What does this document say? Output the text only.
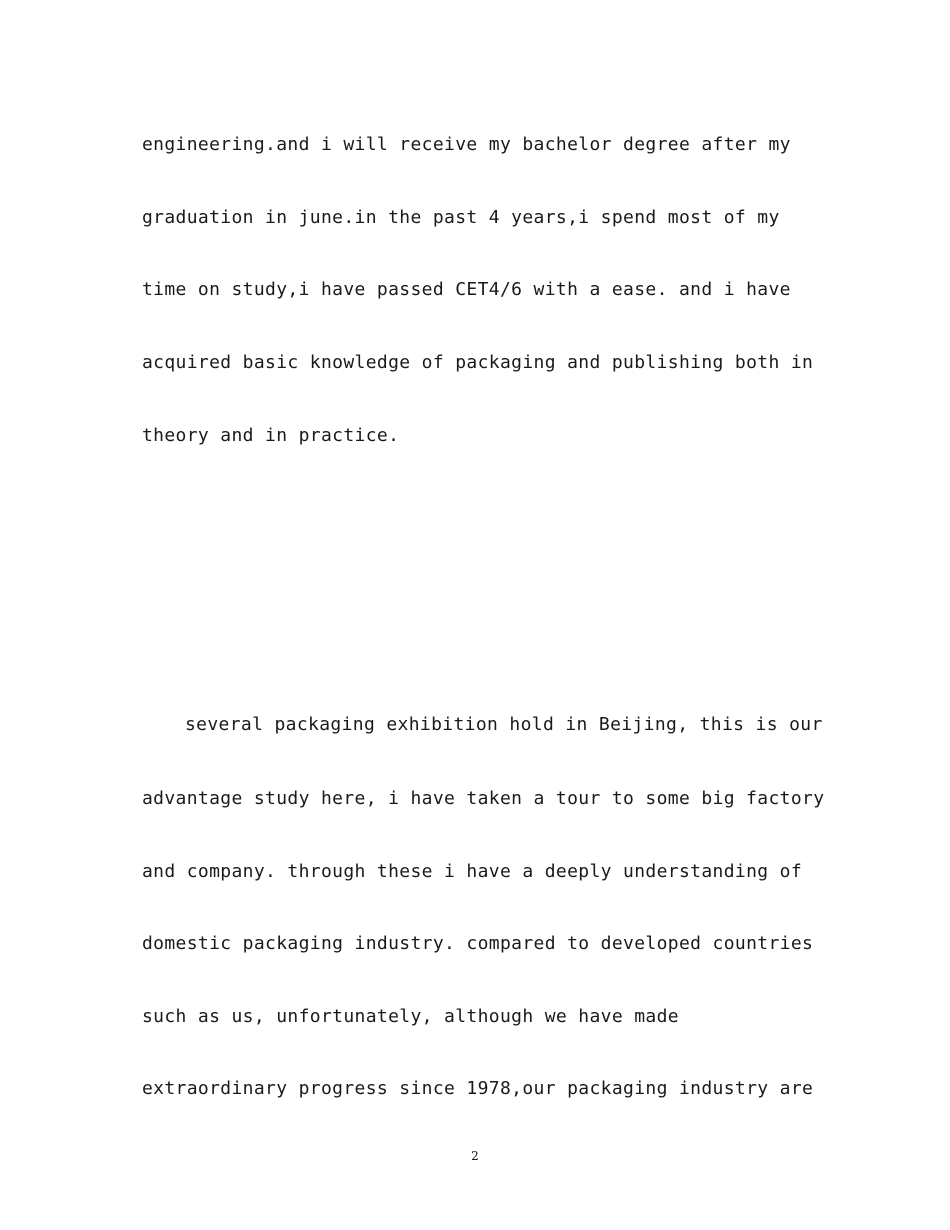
engineering.and i will receive my bachelor degree after my

graduation in june.in the past 4 years,i spend most of my

time on study,i have passed CET4/6 with a ease. and i have

acquired basic knowledge of packaging and publishing both in

theory and in practice.

several packaging exhibition hold in Beijing, this is our

advantage study here, i have taken a tour to some big factory

and company. through these i have a deeply understanding of

domestic packaging industry. compared to developed countries

such as us, unfortunately, although we have made

extraordinary progress since 1978,our packaging industry are

2
